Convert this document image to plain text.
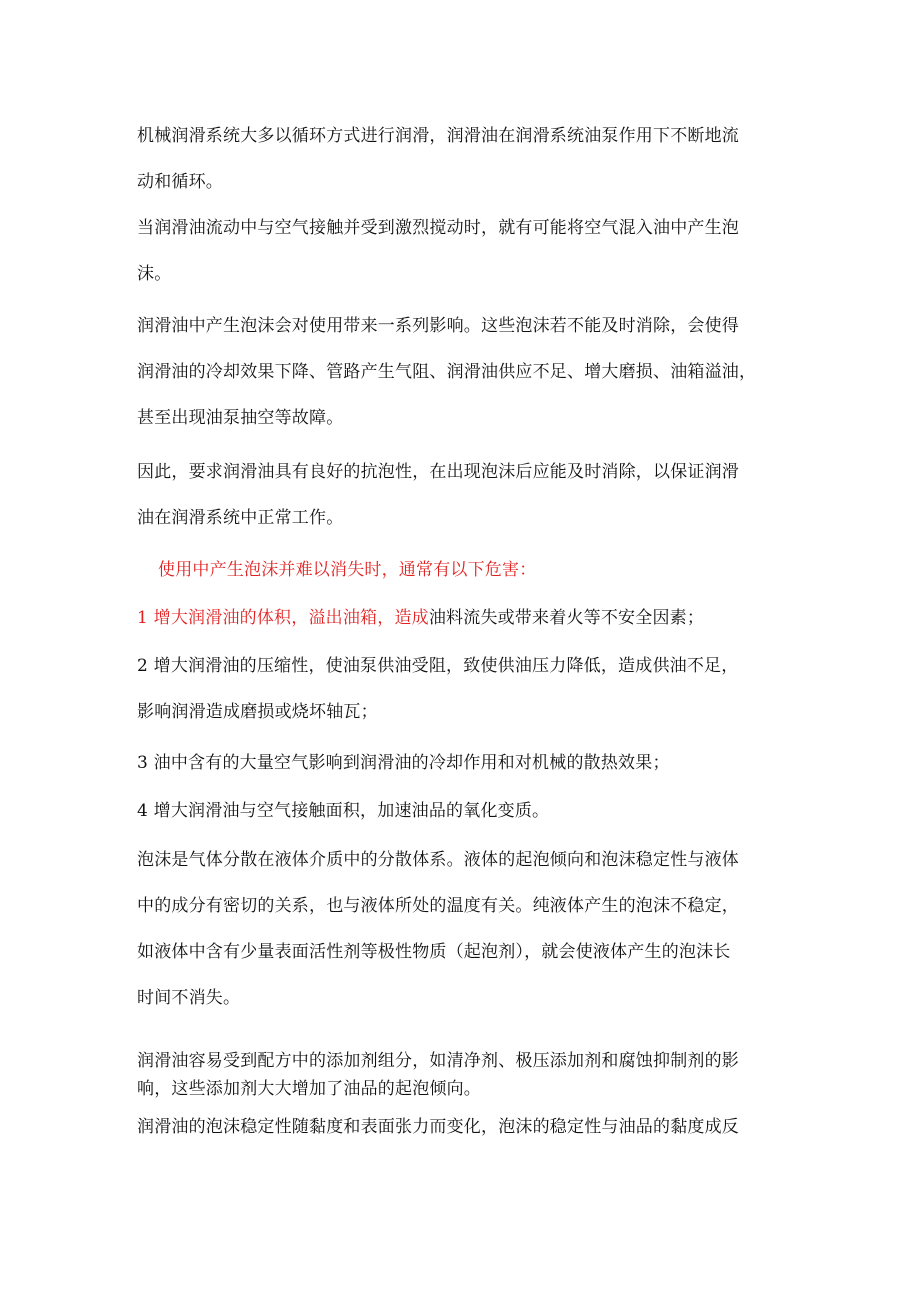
机械润滑系统大多以循环方式进行润滑，润滑油在润滑系统油泵作用下不断地流
动和循环。
当润滑油流动中与空气接触并受到激烈搅动时，就有可能将空气混入油中产生泡
沫。
润滑油中产生泡沫会对使用带来一系列影响。这些泡沫若不能及时消除，会使得
润滑油的冷却效果下降、管路产生气阻、润滑油供应不足、增大磨损、油箱溢油，
甚至出现油泵抽空等故障。
因此，要求润滑油具有良好的抗泡性，在出现泡沫后应能及时消除，以保证润滑
油在润滑系统中正常工作。
使用中产生泡沫并难以消失时，通常有以下危害：
1 增大润滑油的体积，溢出油箱，造成油料流失或带来着火等不安全因素；
2 增大润滑油的压缩性，使油泵供油受阻，致使供油压力降低，造成供油不足，
影响润滑造成磨损或烧坏轴瓦；
3 油中含有的大量空气影响到润滑油的冷却作用和对机械的散热效果；
4 增大润滑油与空气接触面积，加速油品的氧化变质。
泡沫是气体分散在液体介质中的分散体系。液体的起泡倾向和泡沫稳定性与液体
中的成分有密切的关系，也与液体所处的温度有关。纯液体产生的泡沫不稳定，
如液体中含有少量表面活性剂等极性物质（起泡剂），就会使液体产生的泡沫长
时间不消失。
润滑油容易受到配方中的添加剂组分，如清净剂、极压添加剂和腐蚀抑制剂的影
响，这些添加剂大大增加了油品的起泡倾向。
润滑油的泡沫稳定性随黏度和表面张力而变化，泡沫的稳定性与油品的黏度成反
